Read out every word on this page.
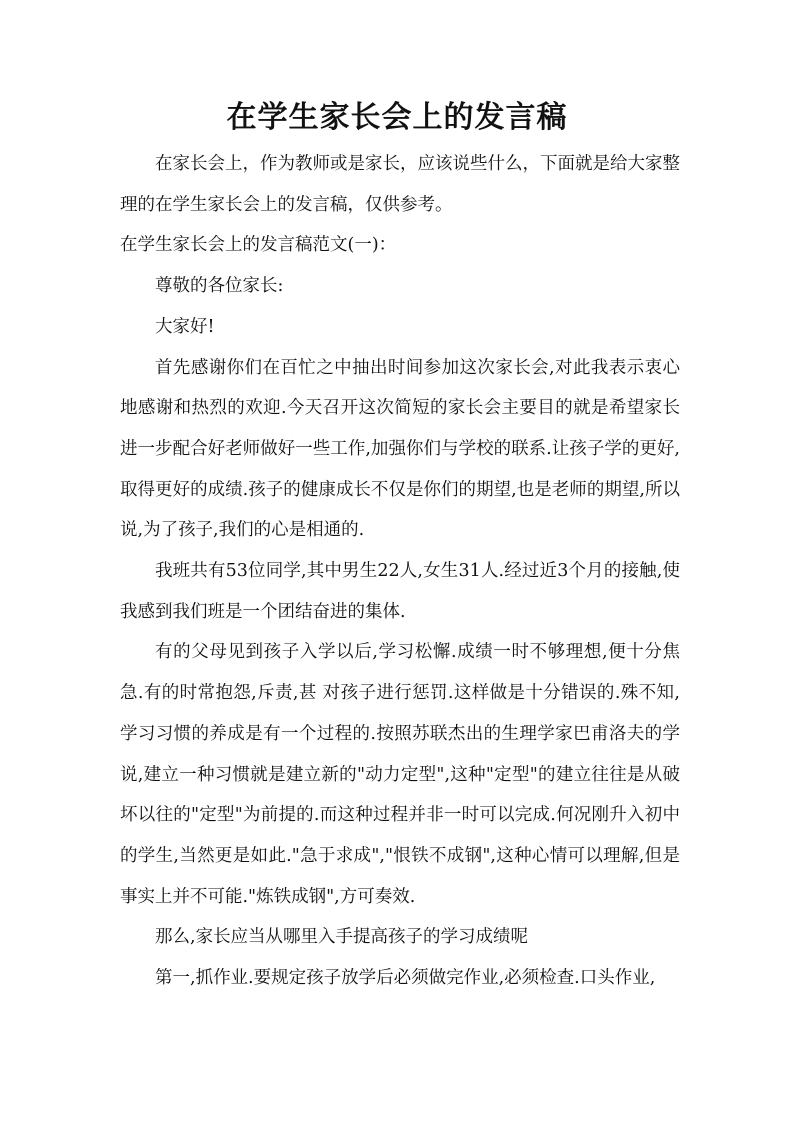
在学生家长会上的发言稿

在家长会上，作为教师或是家长，应该说些什么，下面就是给大家整理的在学生家长会上的发言稿，仅供参考。

在学生家长会上的发言稿范文(一)：

尊敬的各位家长:

大家好!

首先感谢你们在百忙之中抽出时间参加这次家长会,对此我表示衷心地感谢和热烈的欢迎.今天召开这次简短的家长会主要目的就是希望家长进一步配合好老师做好一些工作,加强你们与学校的联系.让孩子学的更好,取得更好的成绩.孩子的健康成长不仅是你们的期望,也是老师的期望,所以说,为了孩子,我们的心是相通的.

我班共有53位同学,其中男生22人,女生31人.经过近3个月的接触,使我感到我们班是一个团结奋进的集体.

有的父母见到孩子入学以后,学习松懈.成绩一时不够理想,便十分焦急.有的时常抱怨,斥责,甚 对孩子进行惩罚.这样做是十分错误的.殊不知,学习习惯的养成是有一个过程的.按照苏联杰出的生理学家巴甫洛夫的学说,建立一种习惯就是建立新的"动力定型",这种"定型"的建立往往是从破坏以往的"定型"为前提的.而这种过程并非一时可以完成.何况刚升入初中的学生,当然更是如此."急于求成","恨铁不成钢",这种心情可以理解,但是事实上并不可能."炼铁成钢",方可奏效.

那么,家长应当从哪里入手提高孩子的学习成绩呢

第一,抓作业.要规定孩子放学后必须做完作业,必须检查.口头作业,
